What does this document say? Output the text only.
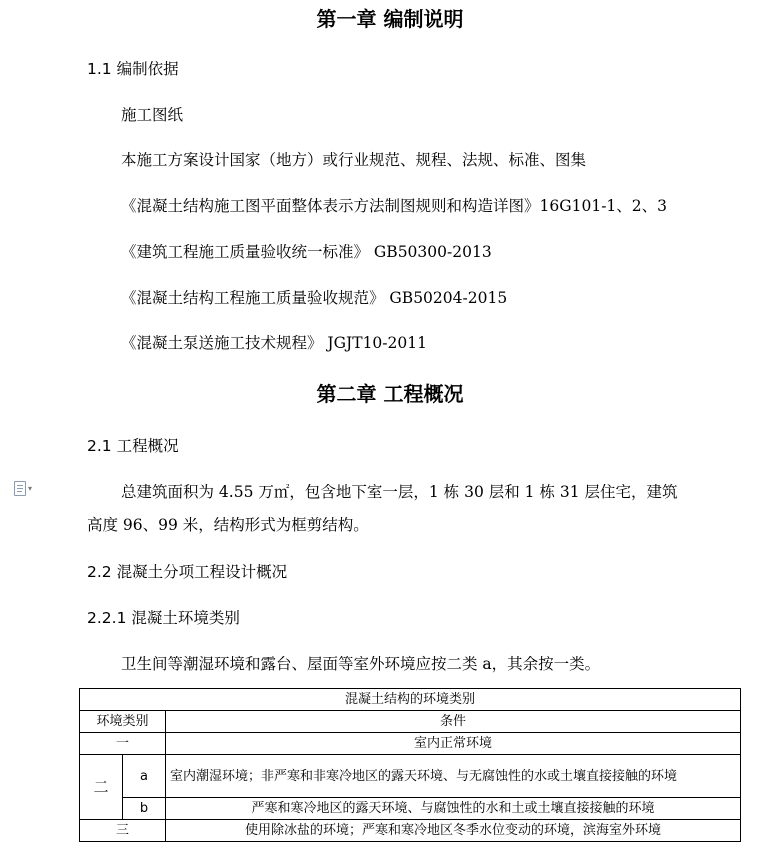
第一章 编制说明
1.1 编制依据
施工图纸
本施工方案设计国家（地方）或行业规范、规程、法规、标准、图集
《混凝土结构施工图平面整体表示方法制图规则和构造详图》16G101-1、2、3
《建筑工程施工质量验收统一标准》 GB50300-2013
《混凝土结构工程施工质量验收规范》 GB50204-2015
《混凝土泵送施工技术规程》 JGJT10-2011
第二章 工程概况
2.1 工程概况
▾	总建筑面积为 4.55 万㎡，包含地下室一层，1 栋 30 层和 1 栋 31 层住宅，建筑
高度 96、99 米，结构形式为框剪结构。
2.2 混凝土分项工程设计概况
2.2.1 混凝土环境类别
卫生间等潮湿环境和露台、屋面等室外环境应按二类 a，其余按一类。
混凝土结构的环境类别		
环境类别		条件
一		室内正常环境
二	a	室内潮湿环境；非严寒和非寒冷地区的露天环境、与无腐蚀性的水或土壤直接接触的环境
	b	严寒和寒冷地区的露天环境、与腐蚀性的水和土或土壤直接接触的环境
三		使用除冰盐的环境；严寒和寒冷地区冬季水位变动的环境，滨海室外环境
